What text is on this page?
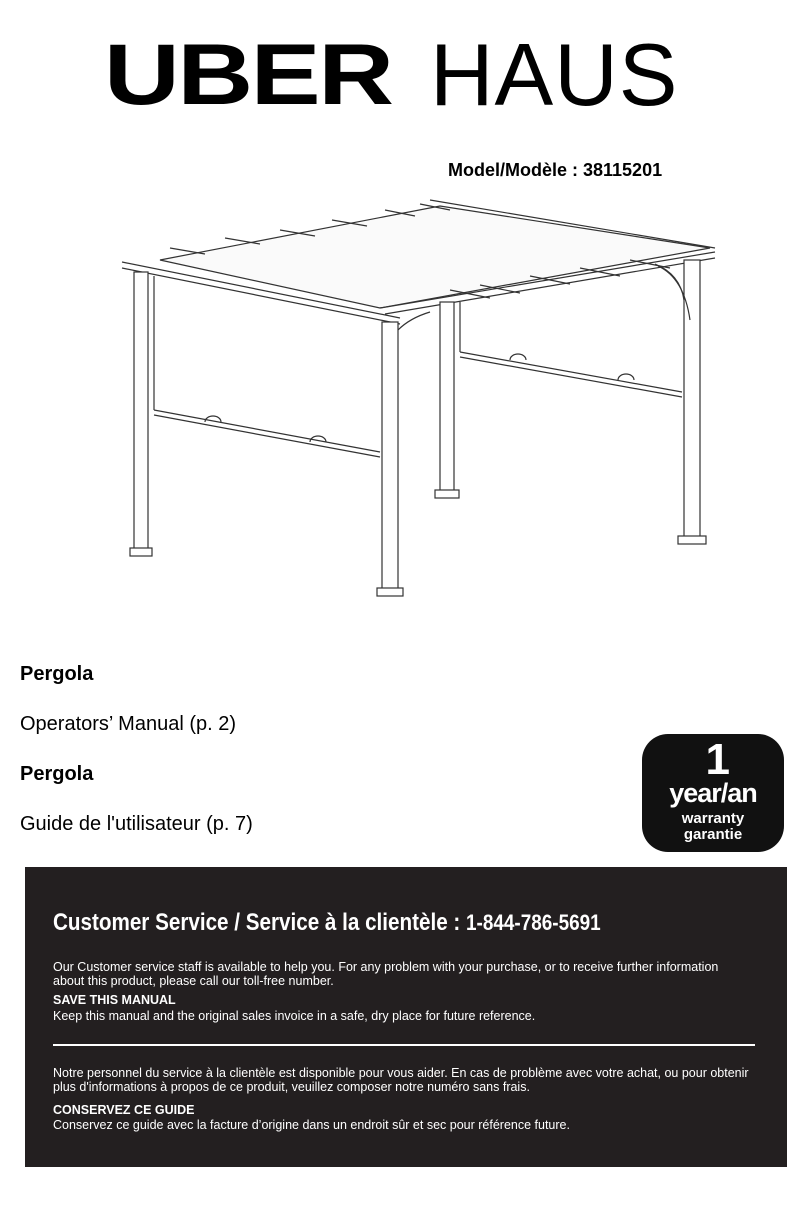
UBER HAUS
Model/Modèle : 38115201
Pergola
Operators’ Manual (p. 2)
Pergola
Guide de l'utilisateur (p. 7)
1
year/an
warranty
garantie
Customer Service / Service à la clientèle : 1-844-786-5691
Our Customer service staff is available to help you. For any problem with your purchase, or to receive further information about this product, please call our toll-free number.
SAVE THIS MANUAL
Keep this manual and the original sales invoice in a safe, dry place for future reference.
Notre personnel du service à la clientèle est disponible pour vous aider. En cas de problème avec votre achat, ou pour obtenir plus d'informations à propos de ce produit, veuillez composer notre numéro sans frais.
CONSERVEZ CE GUIDE
Conservez ce guide avec la facture d’origine dans un endroit sûr et sec pour référence future.
